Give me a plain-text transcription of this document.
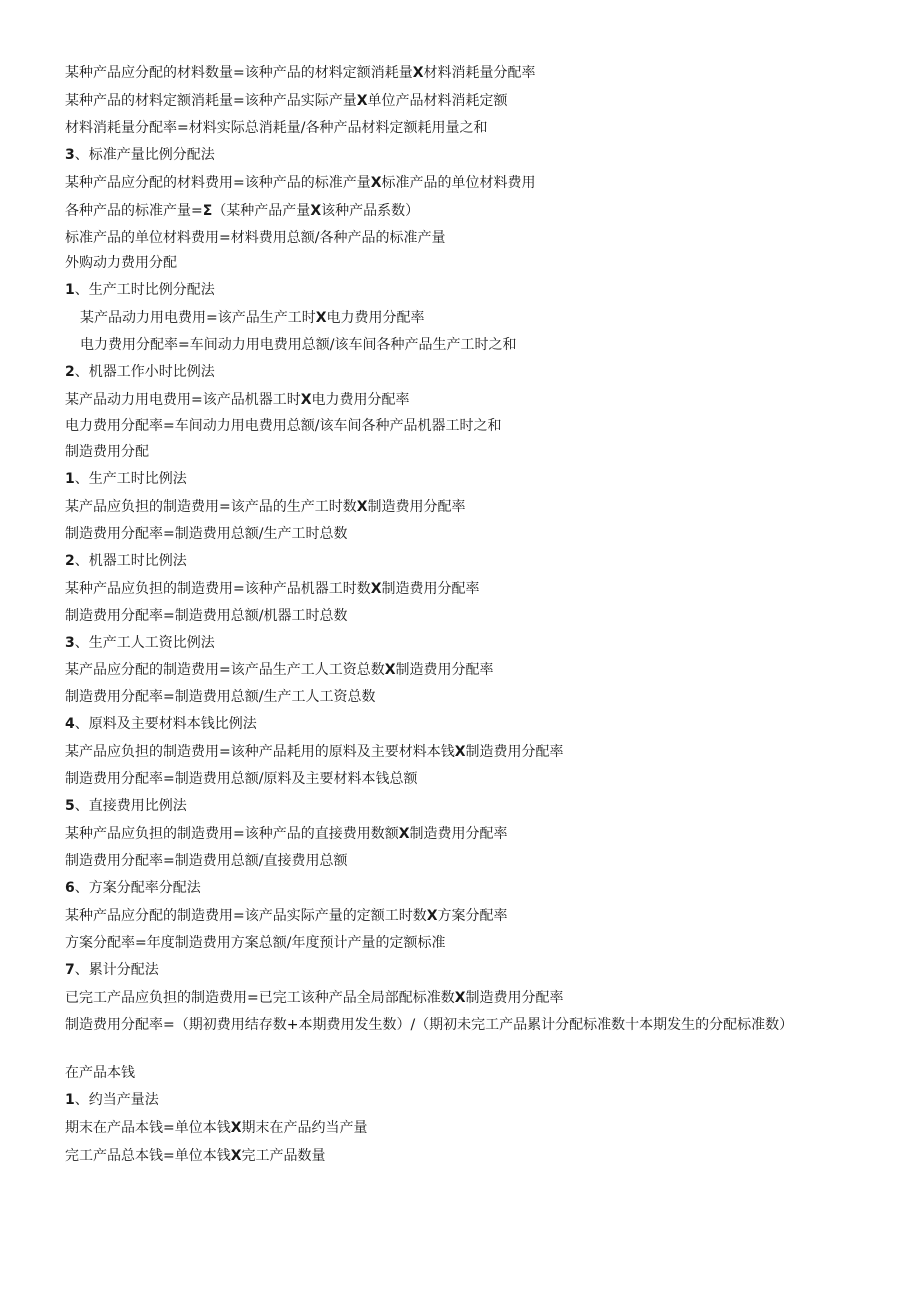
某种产品应分配的材料数量=该种产品的材料定额消耗量X材料消耗量分配率
某种产品的材料定额消耗量=该种产品实际产量X单位产品材料消耗定额
材料消耗量分配率=材料实际总消耗量/各种产品材料定额耗用量之和
3、标准产量比例分配法
某种产品应分配的材料费用=该种产品的标准产量X标准产品的单位材料费用
各种产品的标准产量=Σ（某种产品产量X该种产品系数）
标准产品的单位材料费用=材料费用总额/各种产品的标准产量
外购动力费用分配
1、生产工时比例分配法
某产品动力用电费用=该产品生产工时X电力费用分配率
电力费用分配率=车间动力用电费用总额/该车间各种产品生产工时之和
2、机器工作小时比例法
某产品动力用电费用=该产品机器工时X电力费用分配率
电力费用分配率=车间动力用电费用总额/该车间各种产品机器工时之和
制造费用分配
1、生产工时比例法
某产品应负担的制造费用=该产品的生产工时数X制造费用分配率
制造费用分配率=制造费用总额/生产工时总数
2、机器工时比例法
某种产品应负担的制造费用=该种产品机器工时数X制造费用分配率
制造费用分配率=制造费用总额/机器工时总数
3、生产工人工资比例法
某产品应分配的制造费用=该产品生产工人工资总数X制造费用分配率
制造费用分配率=制造费用总额/生产工人工资总数
4、原料及主要材料本钱比例法
某产品应负担的制造费用=该种产品耗用的原料及主要材料本钱X制造费用分配率
制造费用分配率=制造费用总额/原料及主要材料本钱总额
5、直接费用比例法
某种产品应负担的制造费用=该种产品的直接费用数额X制造费用分配率
制造费用分配率=制造费用总额/直接费用总额
6、方案分配率分配法
某种产品应分配的制造费用=该产品实际产量的定额工时数X方案分配率
方案分配率=年度制造费用方案总额/年度预计产量的定额标准
7、累计分配法
已完工产品应负担的制造费用=已完工该种产品全局部配标准数X制造费用分配率
制造费用分配率=（期初费用结存数+本期费用发生数）/（期初未完工产品累计分配标准数十本期发生的分配标准数）
在产品本钱
1、约当产量法
期末在产品本钱=单位本钱X期末在产品约当产量
完工产品总本钱=单位本钱X完工产品数量
